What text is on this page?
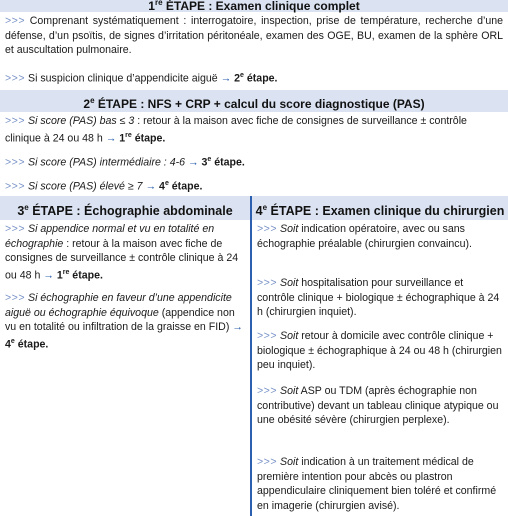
1re ÉTAPE : Examen clinique complet
>>> Comprenant systématiquement : interrogatoire, inspection, prise de température, recherche d’une défense, d’un psoïtis, de signes d’irritation péritonéale, examen des OGE, BU, examen de la sphère ORL et auscultation pulmonaire.
>>> Si suspicion clinique d’appendicite aiguë → $2^e$ étape.
2e ÉTAPE : NFS + CRP + calcul du score diagnostique (PAS)
>>> Si score (PAS) bas ≤ 3 : retour à la maison avec fiche de consignes de surveillance ± contrôle clinique à 24 ou 48 h → 1re étape.
>>> Si score (PAS) intermédiaire : $4-6 \to 3^e$ étape.
>>> Si score (PAS) élevé ≥ $7 \to 4^e$ étape.
3e ÉTAPE : Échographie abdominale	4e ÉTAPE : Examen clinique du chirurgien
>>> Si appendice normal et vu en totalité en échographie : retour à la maison avec fiche de consignes de surveillance ± contrôle clinique à 24 ou 48 h → 1re étape.
>>> Si échographie en faveur d’une appendicite aiguë ou échographie équivoque (appendice non vu en totalité ou infiltration de la graisse en $FID) \to 4^e$ étape.
>>> Soit indication opératoire, avec ou sans échographie préalable (chirurgien convaincu).
>>> Soit hospitalisation pour surveillance et contrôle clinique + biologique ± échographique à 24 h (chirurgien inquiet).
>>> Soit retour à domicile avec contrôle clinique + biologique ± échographique à 24 ou 48 h (chirurgien peu inquiet).
>>> Soit ASP ou TDM (après échographie non contributive) devant un tableau clinique atypique ou une obésité sévère (chirurgien perplexe).
>>> Soit indication à un traitement médical de première intention pour abcès ou plastron appendiculaire cliniquement bien toléré et confirmé en imagerie (chirurgien avisé).
